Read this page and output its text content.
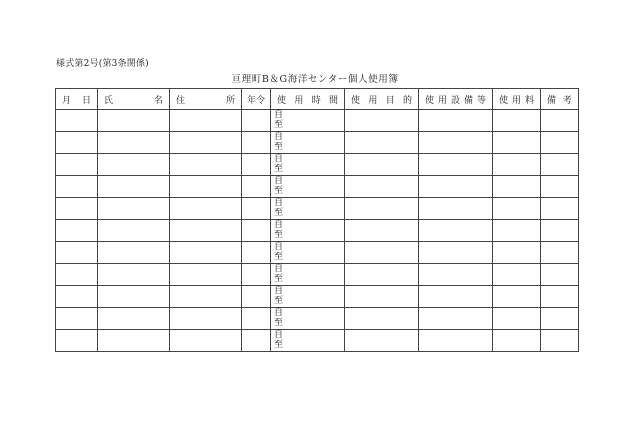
様式第2号(第3条関係)
亘理町B＆G海洋センター個人使用簿
月 日	氏 名	住 所	年 令	使 用 時 間	使 用 目 的	使 用 設 備 等	使 用 料	備 考

				自
至				

				自
至				

				自
至				

				自
至				

				自
至				

				自
至				

				自
至				

				自
至				

				自
至				

				自
至				

				自
至				
